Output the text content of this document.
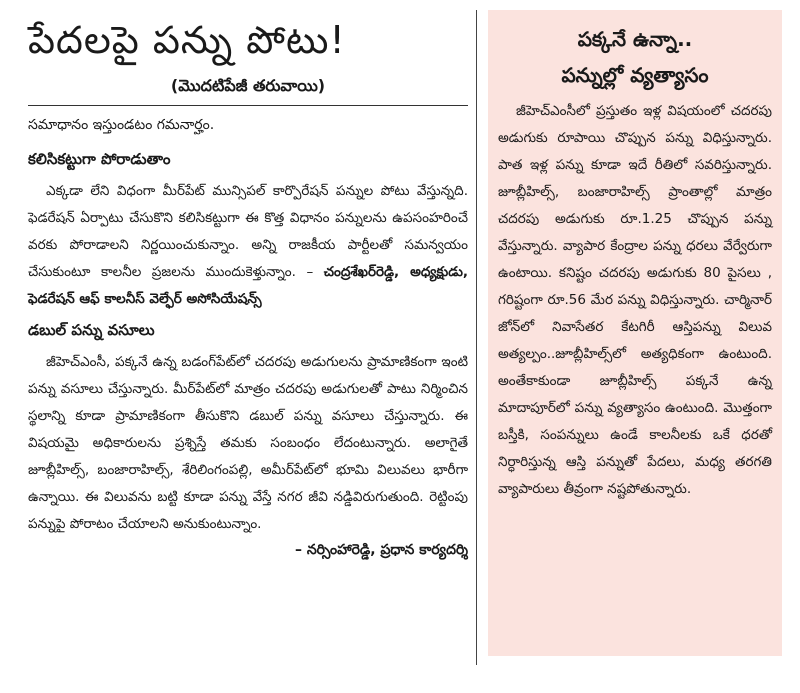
పేదలపై పన్ను పోటు!
(మొదటిపేజీ తరువాయి)
సమాధానం ఇస్తుండటం గమనార్హం.
కలిసికట్టుగా పోరాడుతాం
ఎక్కడా లేని విధంగా మీర్‌పేట్‌ మున్సిపల్‌ కార్పొరేషన్‌ పన్నుల పోటు వేస్తున్నది. ఫెడరేషన్‌ ఏర్పాటు చేసుకొని కలిసికట్టుగా ఈ కొత్త విధానం పన్నులను ఉపసంహరించే వరకు పోరాడాలని నిర్ణయించుకున్నాం. అన్ని రాజకీయ పార్టీలతో సమన్వయం చేసుకుంటూ కాలనీల ప్రజలను ముందుకెళ్తున్నాం. – చంద్రశేఖర్‌రెడ్డి, అధ్యక్షుడు, ఫెడరేషన్‌ ఆఫ్‌ కాలనీస్‌ వెల్ఫేర్‌ అసోసియేషన్స్‌
డబుల్‌ పన్ను వసూలు
జీహెచ్‌ఎంసీ, పక్కనే ఉన్న బడంగ్‌పేట్‌లో చదరపు అడుగులను ప్రామాణికంగా ఇంటి పన్ను వసూలు చేస్తున్నారు. మీర్‌పేట్‌లో మాత్రం చదరపు అడుగులతో పాటు నిర్మించిన స్థలాన్ని కూడా ప్రామాణికంగా తీసుకొని డబుల్‌ పన్ను వసూలు చేస్తున్నారు. ఈ విషయమై అధికారులను ప్రశ్నిస్తే తమకు సంబంధం లేదంటున్నారు. అలాగైతే జూబ్లీహిల్స్‌, బంజారాహిల్స్‌, శేరిలింగంపల్లి, అమీర్‌పేట్‌లో భూమి విలువలు భారీగా ఉన్నాయి. ఈ విలువను బట్టి కూడా పన్ను వేస్తే నగర జీవి నడ్డివిరుగుతుంది. రెట్టింపు పన్నుపై పోరాటం చేయాలని అనుకుంటున్నాం.
– నర్సింహారెడ్డి, ప్రధాన కార్యదర్శి
పక్కనే ఉన్నా..
పన్నుల్లో వ్యత్యాసం
జీహెచ్‌ఎంసీలో ప్రస్తుతం ఇళ్ల విషయంలో చదరపు అడుగుకు రూపాయి చొప్పున పన్ను విధిస్తున్నారు. పాత ఇళ్ల పన్ను కూడా ఇదే రీతిలో సవరిస్తున్నారు. జూబ్లీహిల్స్‌, బంజారాహిల్స్‌ ప్రాంతాల్లో మాత్రం చదరపు అడుగుకు రూ.1.25 చొప్పున పన్ను వేస్తున్నారు. వ్యాపార కేంద్రాల పన్ను ధరలు వేర్వేరుగా ఉంటాయి. కనిష్టం చదరపు అడుగుకు 80 పైసలు , గరిష్టంగా రూ.56 మేర పన్ను విధిస్తున్నారు. చార్మినార్‌ జోన్‌లో నివాసేతర కేటగిరీ ఆస్తిపన్ను విలువ అత్యల్పం..జూబ్లీహిల్స్‌లో అత్యధికంగా ఉంటుంది. అంతేకాకుండా జూబ్లీహిల్స్‌ పక్కనే ఉన్న మాదాపూర్‌లో పన్ను వ్యత్యాసం ఉంటుంది. మొత్తంగా బస్తీకి, సంపన్నులు ఉండే కాలనీలకు ఒకే ధరతో నిర్ధారిస్తున్న ఆస్తి పన్నుతో పేదలు, మధ్య తరగతి వ్యాపారులు తీవ్రంగా నష్టపోతున్నారు.
